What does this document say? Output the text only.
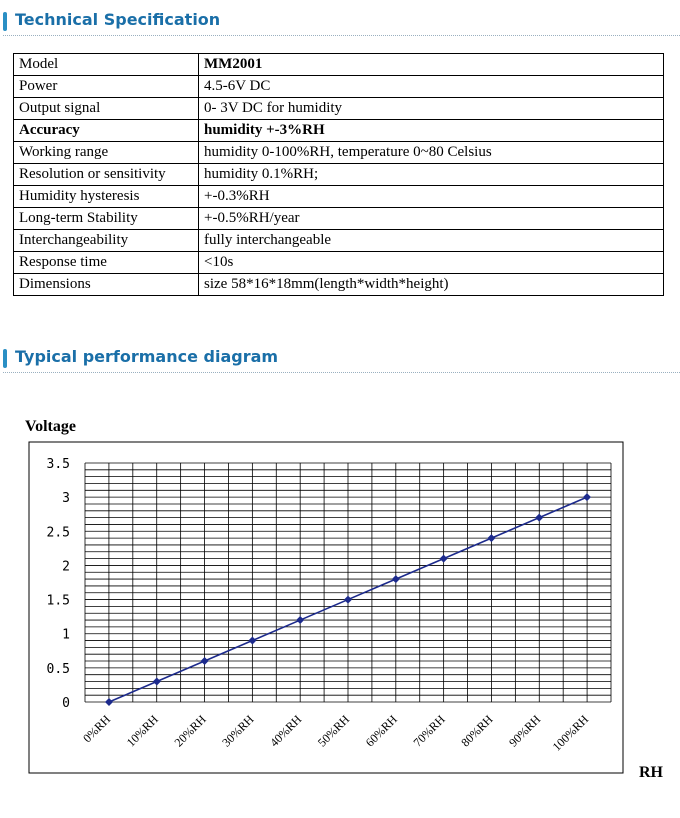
Technical Specification
Model	MM2001
Power	4.5-6V DC
Output signal	0- 3V DC for humidity
Accuracy	humidity +-3%RH
Working range	humidity 0-100%RH, temperature 0~80 Celsius
Resolution or sensitivity	humidity 0.1%RH;
Humidity hysteresis	+-0.3%RH
Long-term Stability	+-0.5%RH/year
Interchangeability	fully interchangeable
Response time	<10s
Dimensions	size 58*16*18mm(length*width*height)
Typical performance diagram
Voltage
0
0.5
1
1.5
2
2.5
3
3.5
0%RH 10%RH 20%RH 30%RH 40%RH 50%RH 60%RH 70%RH 80%RH 90%RH 100%RH
RH
